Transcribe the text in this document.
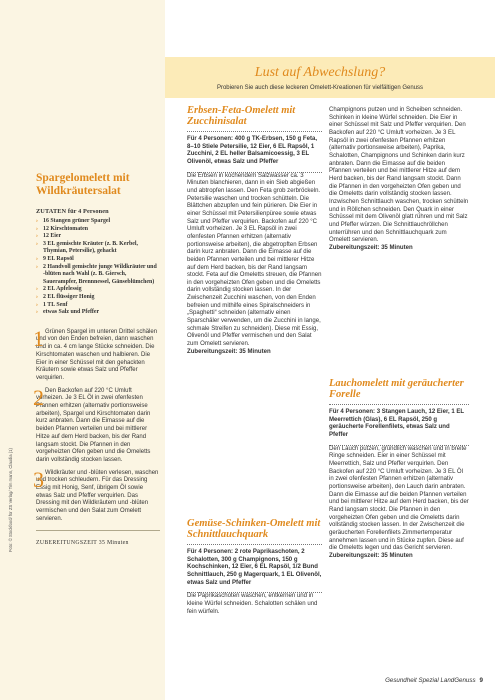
Spargelomelett mit Wildkräutersalat
ZUTATEN für 4 Personen
› 16 Stangen grüner Spargel
› 12 Kirschtomaten
› 12 Eier
› 3 EL gemischte Kräuter (z. B. Kerbel, Thymian, Petersilie), gehackt
› 9 EL Rapsöl
› 2 Handvoll gemischte junge Wildkräuter und -blüten nach Wahl (z. B. Giersch, Sauerampfer, Brennnessel, Gänseblümchen)
› 2 EL Apfelessig
› 2 EL flüssiger Honig
› 1 TL Senf
› etwas Salz und Pfeffer
1 Grünen Spargel im unteren Drittel schälen und von den Enden befreien, dann waschen und in ca. 4 cm lange Stücke schneiden. Die Kirschtomaten waschen und halbieren. Die Eier in einer Schüssel mit den gehackten Kräutern sowie etwas Salz und Pfeffer verquirlen.
2 Den Backofen auf 220 °C Umluft vorheizen. Je 3 EL Öl in zwei ofenfesten Pfannen erhitzen (alternativ portionsweise arbeiten), Spargel und Kirschtomaten darin kurz anbraten. Dann die Eimasse auf die beiden Pfannen verteilen und bei mittlerer Hitze auf dem Herd backen, bis der Rand langsam stockt. Die Pfannen in den vorgeheizten Ofen geben und die Omeletts darin vollständig stocken lassen.
3 Wildkräuter und -blüten verlesen, waschen und trocken schleudern. Für das Dressing Essig mit Honig, Senf, übrigem Öl sowie etwas Salz und Pfeffer verquirlen. Das Dressing mit den Wildkräutern und -blüten vermischen und den Salat zum Omelett servieren.
ZUBEREITUNGSZEIT 35 Minuten
Foto: © Stockfood/ für ZS Verlag/ Tim mann, Claudia (1)
Lust auf Abwechslung?
Probieren Sie auch diese leckeren Omelett-Kreationen für vielfältigen Genuss
Erbsen-Feta-Omelett mit Zucchinisalat
Für 4 Personen: 400 g TK-Erbsen, 150 g Feta, 8–10 Stiele Petersilie, 12 Eier, 6 EL Rapsöl, 1 Zucchini, 2 EL heller Balsamicoessig, 3 EL Olivenöl, etwas Salz und Pfeffer
Die Erbsen in kochendem Salzwasser ca. 3 Minuten blanchieren, dann in ein Sieb abgießen und abtropfen lassen. Den Feta grob zerbröckeln. Petersilie waschen und trocken schütteln. Die Blättchen abzupfen und fein pürieren. Die Eier in einer Schüssel mit Petersilienpüree sowie etwas Salz und Pfeffer verquirlen. Backofen auf 220 °C Umluft vorheizen. Je 3 EL Rapsöl in zwei ofenfesten Pfannen erhitzen (alternativ portionsweise arbeiten), die abgetropften Erbsen darin kurz anbraten. Dann die Eimasse auf die beiden Pfannen verteilen und bei mittlerer Hitze auf dem Herd backen, bis der Rand langsam stockt. Feta auf die Omeletts streuen, die Pfannen in den vorgeheizten Ofen geben und die Omeletts darin vollständig stocken lassen. In der Zwischenzeit Zucchini waschen, von den Enden befreien und mithilfe eines Spiralschneiders in „Spaghetti“ schneiden (alternativ einen Sparschäler verwenden, um die Zucchini in lange, schmale Streifen zu schneiden). Diese mit Essig, Olivenöl und Pfeffer vermischen und den Salat zum Omelett servieren.
Zubereitungszeit: 35 Minuten
Gemüse-Schinken-Omelett mit Schnittlauchquark
Für 4 Personen: 2 rote Paprikaschoten, 2 Schalotten, 300 g Champignons, 150 g Kochschinken, 12 Eier, 6 EL Rapsöl, 1/2 Bund Schnittlauch, 250 g Magerquark, 1 EL Olivenöl, etwas Salz und Pfeffer
Die Paprikaschoten waschen, entkernen und in kleine Würfel schneiden. Schalotten schälen und fein würfeln.
Champignons putzen und in Scheiben schneiden. Schinken in kleine Würfel schneiden. Die Eier in einer Schüssel mit Salz und Pfeffer verquirlen. Den Backofen auf 220 °C Umluft vorheizen. Je 3 EL Rapsöl in zwei ofenfesten Pfannen erhitzen (alternativ portionsweise arbeiten), Paprika, Schalotten, Champignons und Schinken darin kurz anbraten. Dann die Eimasse auf die beiden Pfannen verteilen und bei mittlerer Hitze auf dem Herd backen, bis der Rand langsam stockt. Dann die Pfannen in den vorgeheizten Ofen geben und die Omeletts darin vollständig stocken lassen. Inzwischen Schnittlauch waschen, trocken schütteln und in Röllchen schneiden. Den Quark in einer Schüssel mit dem Olivenöl glatt rühren und mit Salz und Pfeffer würzen. Die Schnittlauchröllchen unterrühren und den Schnittlauchquark zum Omelett servieren.
Zubereitungszeit: 35 Minuten
Lauchomelett mit geräucherter Forelle
Für 4 Personen: 3 Stangen Lauch, 12 Eier, 1 EL Meerrettich (Glas), 6 EL Rapsöl, 250 g geräucherte Forellenfilets, etwas Salz und Pfeffer
Den Lauch putzen, gründlich waschen und in breite Ringe schneiden. Eier in einer Schüssel mit Meerrettich, Salz und Pfeffer verquirlen. Den Backofen auf 220 °C Umluft vorheizen. Je 3 EL Öl in zwei ofenfesten Pfannen erhitzen (alternativ portionsweise arbeiten), den Lauch darin anbraten. Dann die Eimasse auf die beiden Pfannen verteilen und bei mittlerer Hitze auf dem Herd backen, bis der Rand langsam stockt. Die Pfannen in den vorgeheizten Ofen geben und die Omeletts darin vollständig stocken lassen. In der Zwischenzeit die geräucherten Forellenfilets Zimmertemperatur annehmen lassen und in Stücke zupfen. Diese auf die Omeletts legen und das Gericht servieren.
Zubereitungszeit: 35 Minuten
Gesundheit Spezial LandGenuss 9
